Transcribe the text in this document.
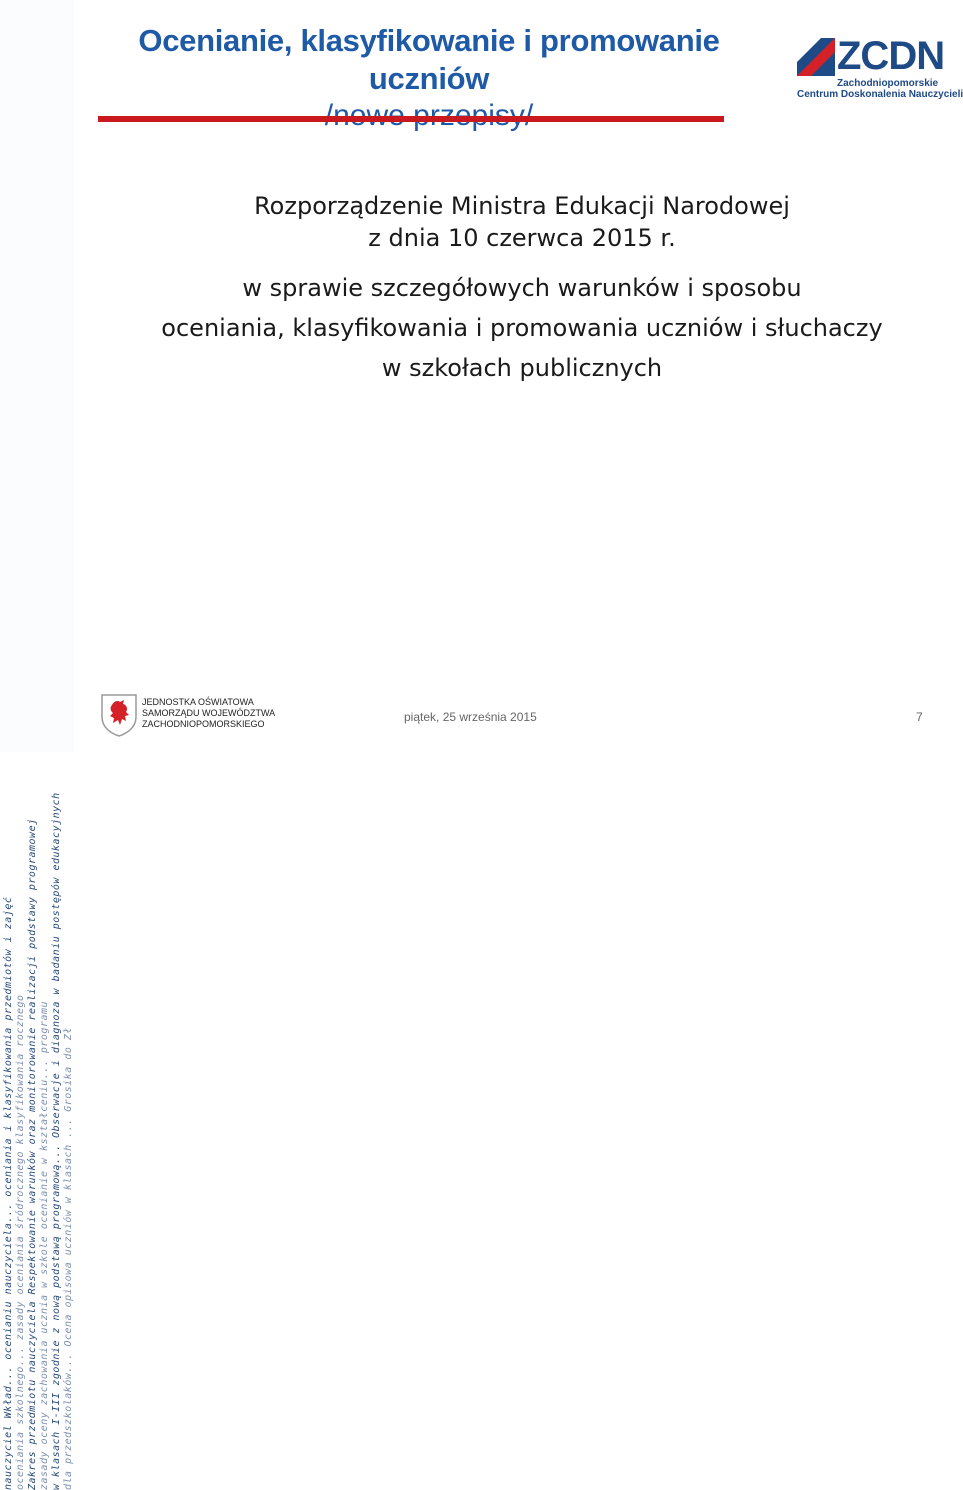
nauczyciel Wkład... ocenianiu nauczyciela... oceniania i klasyfikowania przedmiotów i zajęć oceniania szkolnego... zasady oceniania śródrocznego klasyfikowania rocznego Zakres przedmiotu nauczyciela Respektowanie warunków oraz monitorowanie realizacji podstawy programowej zasady oceny zachowania ucznia w szkole ocenianie w kształceniu... programu w klasach I-III zgodnie z nową podstawą programową... Obserwacje i diagnoza w badaniu postępów edukacyjnych dla przedszkolaków... Ocena opisowa uczniów w klasach ... Grosika do Zł
Ocenianie, klasyfikowanie i promowanie uczniów
ZCDN
Zachodniopomorskie
Centrum Doskonalenia Nauczycieli
Rozporządzenie Ministra Edukacji Narodowej
z dnia 10 czerwca 2015 r.
w sprawie szczegółowych warunków i sposobu
oceniania, klasyfikowania i promowania uczniów i słuchaczy
w szkołach publicznych
JEDNOSTKA OŚWIATOWA
SAMORZĄDU WOJEWÓDZTWA
ZACHODNIOPOMORSKIEGO	piątek, 25 września 2015	7
